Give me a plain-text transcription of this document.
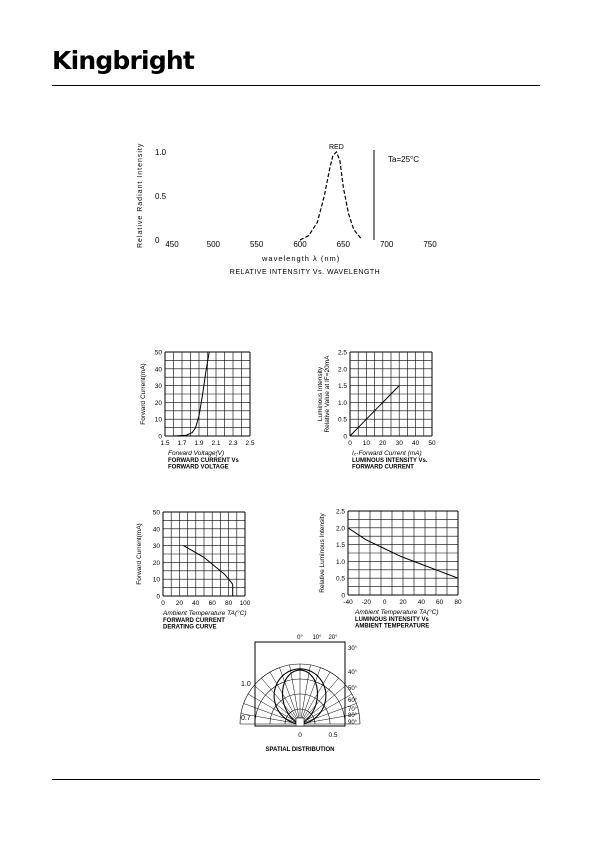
Kingbright
450	500	550	600	650	700	750
0
0.5
1.0
RED
Ta=25°C
wavelength λ (nm)
Relative Radiant Intensity
RELATIVE INTENSITY Vs. WAVELENGTH
1.5 1.7 1.9 2.1 2.3 2.5
0
10
20
30
40
50
Forward Voltage(V)
FORWARD CURRENT Vs
FORWARD VOLTAGE
Forward Current(mA)
0 10 20 30 40 50
0
0.5
1.0
1.5
2.0
2.5
Iₓ-Forward Current (mA)
LUMINOUS INTENSITY Vs.
FORWARD CURRENT
Luminous Intensity Relative Value at IF=20mA
0 20 40 60 80 100
0
10
20
30
40
50
Ambient Temperature TA(°C)
FORWARD CURRENT
DERATING CURVE
Forward Current(mA)
-40 -20 0 20 40 60 80
0
0.5
1.0
1.5
2.0
2.5
Ambient Temperature TA(°C)
LUMINOUS INTENSITY Vs
AMBIENT TEMPERATURE
Relative Luminous Intensity
0° 10° 20°
30°
40°
50°
60°
70°
80°
90°
1.0
0.7
0	0.5
SPATIAL DISTRIBUTION
